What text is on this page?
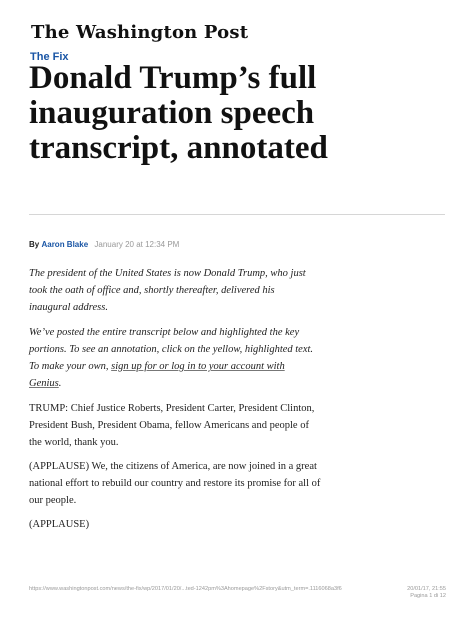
The Washington Post
The Fix
Donald Trump’s full
inauguration speech
transcript, annotated
By Aaron Blake January 20 at 12:34 PM
The president of the United States is now Donald Trump, who just
took the oath of office and, shortly thereafter, delivered his
inaugural address.
We’ve posted the entire transcript below and highlighted the key
portions. To see an annotation, click on the yellow, highlighted text.
To make your own, sign up for or log in to your account with
Genius.
TRUMP: Chief Justice Roberts, President Carter, President Clinton,
President Bush, President Obama, fellow Americans and people of
the world, thank you.
(APPLAUSE) We, the citizens of America, are now joined in a great
national effort to rebuild our country and restore its promise for all of
our people.
(APPLAUSE)
https://www.washingtonpost.com/news/the-fix/wp/2017/01/20/...ted-1242pm%3Ahomepage%2Fstory&utm_term=.1116068a3f6	20/01/17, 21:55
Pagina 1 di 12
